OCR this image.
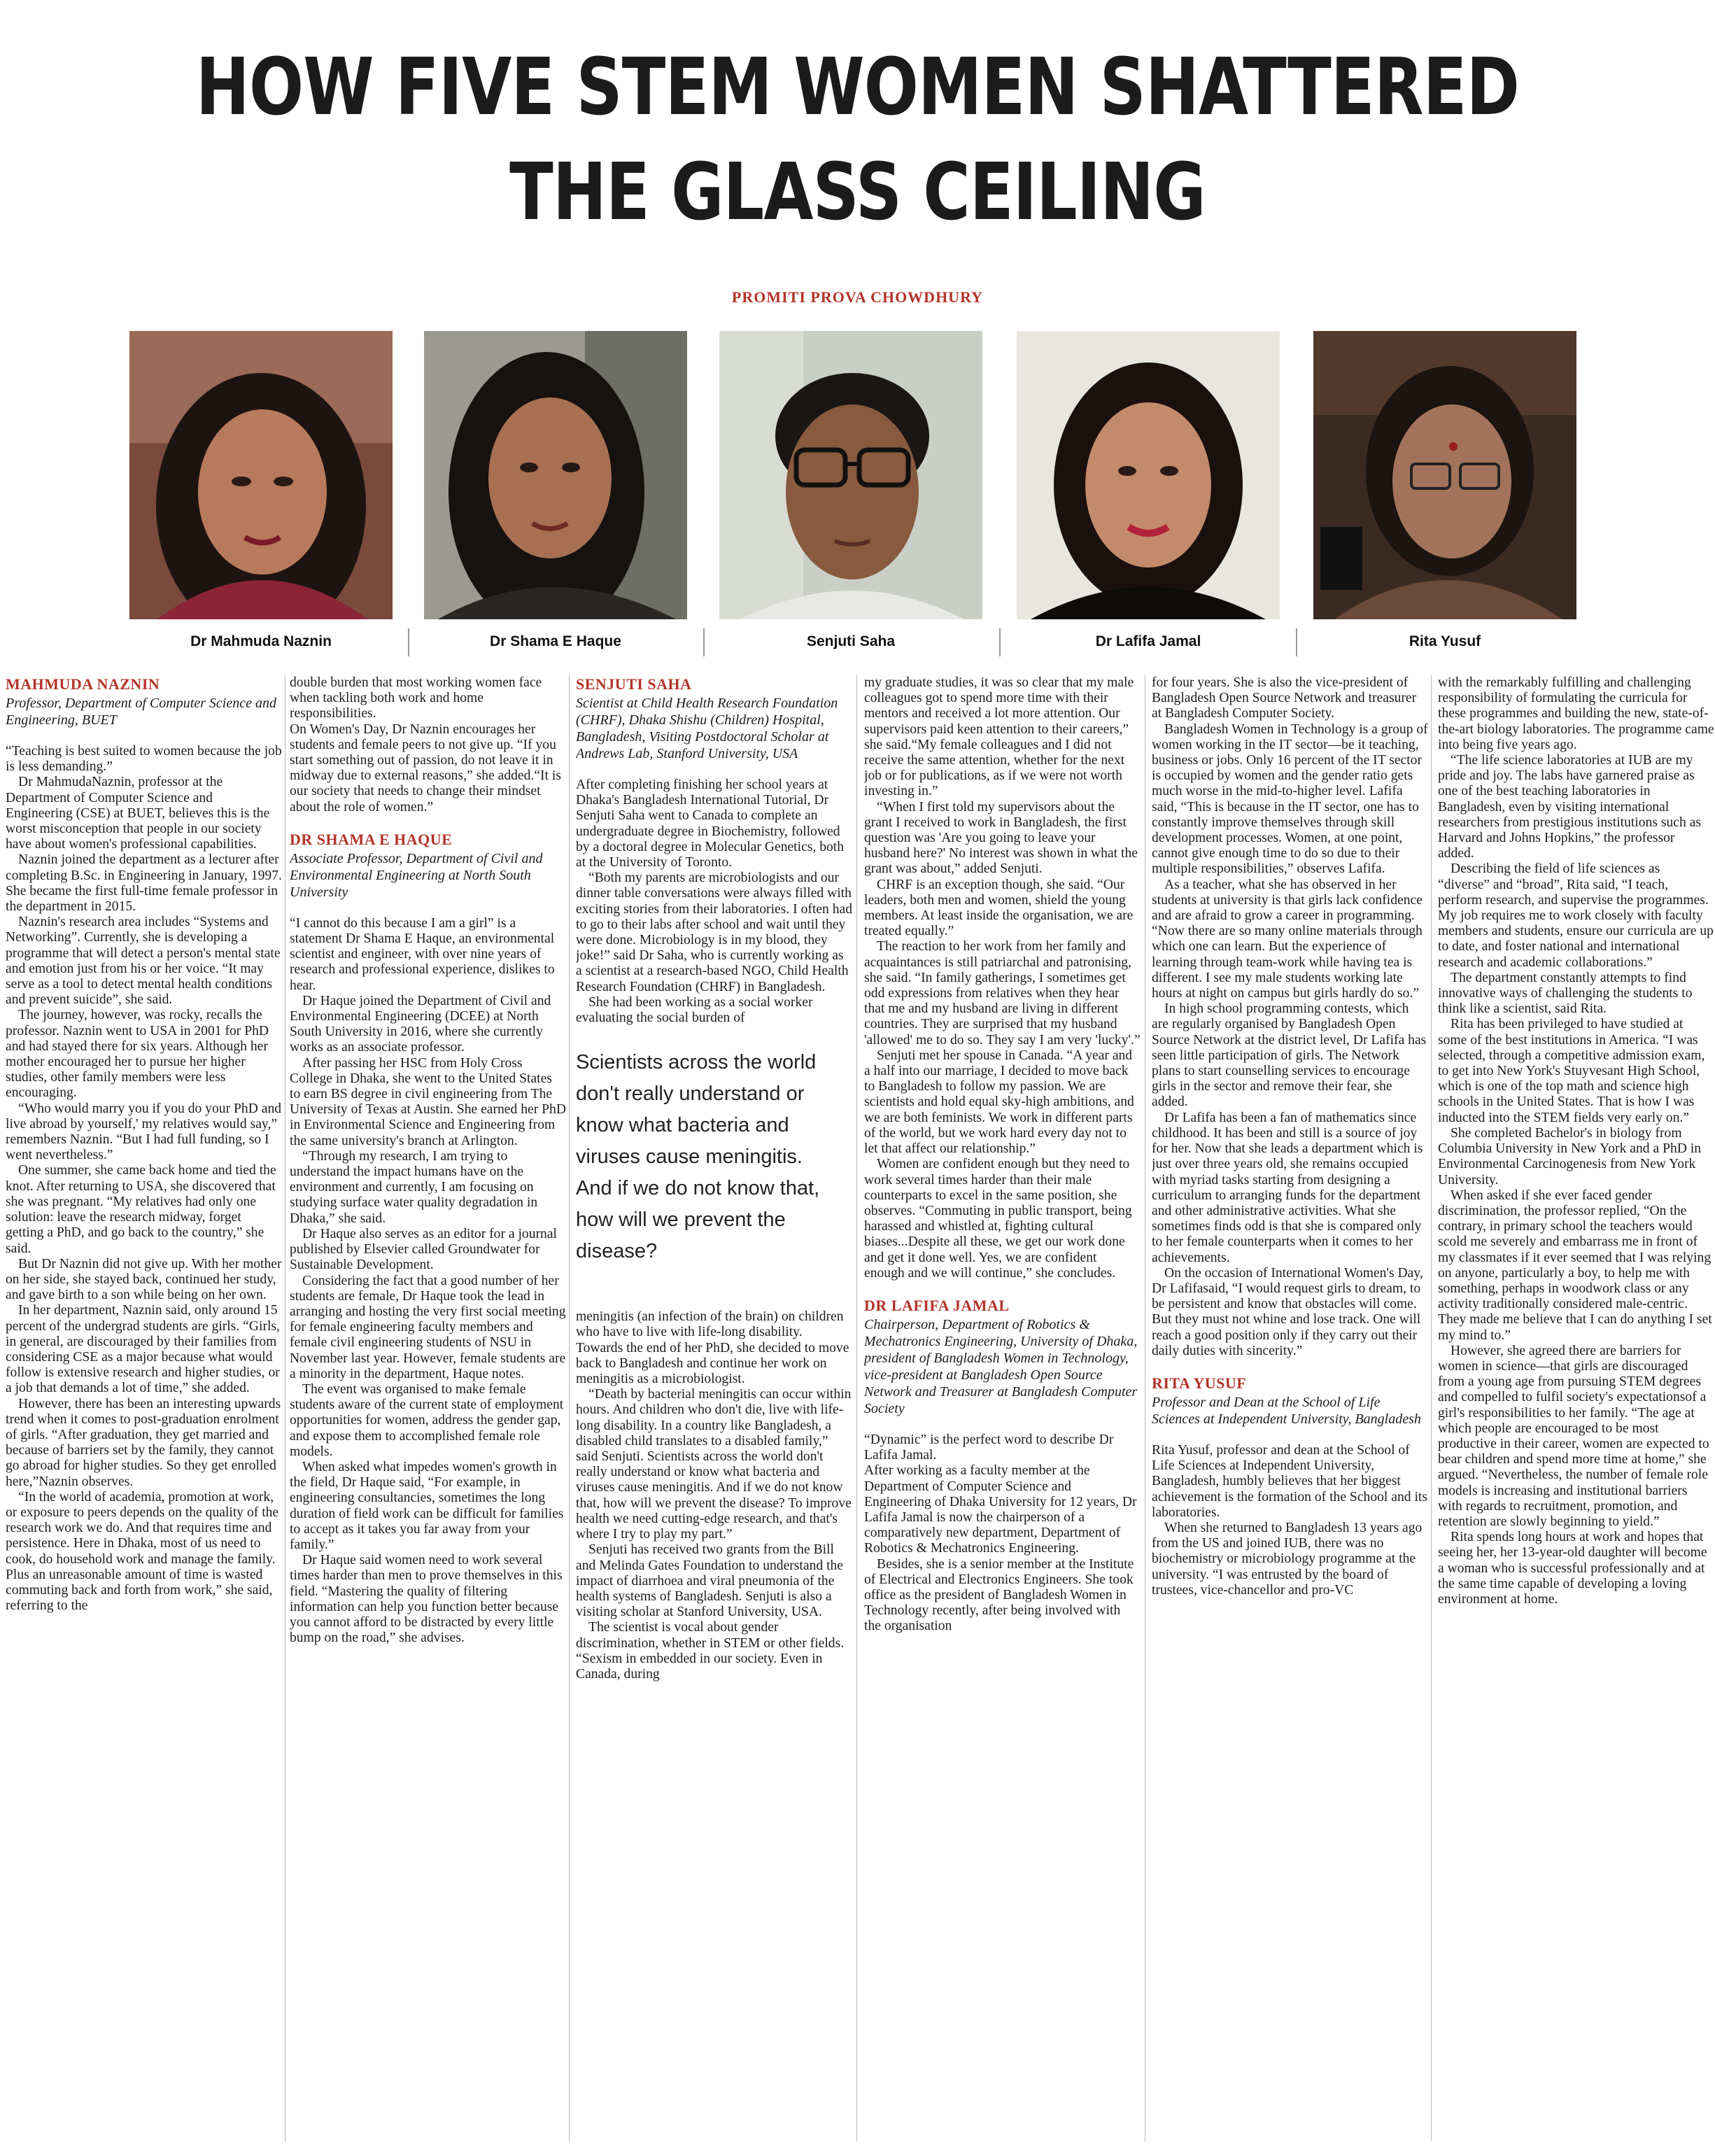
HOW FIVE STEM WOMEN SHATTERED
THE GLASS CEILING
PROMITI PROVA CHOWDHURY
Dr Mahmuda Naznin	Dr Shama E Haque	Senjuti Saha	Dr Lafifa Jamal	Rita Yusuf
MAHMUDA NAZNIN
Professor, Department of Computer Science and Engineering, BUET

“Teaching is best suited to women because the job is less demanding.”

Dr MahmudaNaznin, professor at the Department of Computer Science and Engineering (CSE) at BUET, believes this is the worst misconception that people in our society have about women's professional capabilities.

Naznin joined the department as a lecturer after completing B.Sc. in Engineering in January, 1997. She became the first full-time female professor in the department in 2015.

Naznin's research area includes “Systems and Networking”. Currently, she is developing a programme that will detect a person's mental state and emotion just from his or her voice. “It may serve as a tool to detect mental health conditions and prevent suicide”, she said.

The journey, however, was rocky, recalls the professor. Naznin went to USA in 2001 for PhD and had stayed there for six years. Although her mother encouraged her to pursue her higher studies, other family members were less encouraging.

“Who would marry you if you do your PhD and live abroad by yourself,' my relatives would say,” remembers Naznin. “But I had full funding, so I went nevertheless.”

One summer, she came back home and tied the knot. After returning to USA, she discovered that she was pregnant. “My relatives had only one solution: leave the research midway, forget getting a PhD, and go back to the country,” she said.

But Dr Naznin did not give up. With her mother on her side, she stayed back, continued her study, and gave birth to a son while being on her own.

In her department, Naznin said, only around 15 percent of the undergrad students are girls. “Girls, in general, are discouraged by their families from considering CSE as a major because what would follow is extensive research and higher studies, or a job that demands a lot of time,” she added.

However, there has been an interesting upwards trend when it comes to post-graduation enrolment of girls. “After graduation, they get married and because of barriers set by the family, they cannot go abroad for higher studies. So they get enrolled here,”Naznin observes.

“In the world of academia, promotion at work, or exposure to peers depends on the quality of the research work we do. And that requires time and persistence. Here in Dhaka, most of us need to cook, do household work and manage the family. Plus an unreasonable amount of time is wasted commuting back and forth from work,” she said, referring to the

double burden that most working women face when tackling both work and home responsibilities.

On Women's Day, Dr Naznin encourages her students and female peers to not give up. “If you start something out of passion, do not leave it in midway due to external reasons,” she added.“It is our society that needs to change their mindset about the role of women.”

DR SHAMA E HAQUE
Associate Professor, Department of Civil and Environmental Engineering at North South University

“I cannot do this because I am a girl” is a statement Dr Shama E Haque, an environmental scientist and engineer, with over nine years of research and professional experience, dislikes to hear.

Dr Haque joined the Department of Civil and Environmental Engineering (DCEE) at North South University in 2016, where she currently works as an associate professor.

After passing her HSC from Holy Cross College in Dhaka, she went to the United States to earn BS degree in civil engineering from The University of Texas at Austin. She earned her PhD in Environmental Science and Engineering from the same university's branch at Arlington.

“Through my research, I am trying to understand the impact humans have on the environment and currently, I am focusing on studying surface water quality degradation in Dhaka,” she said.

Dr Haque also serves as an editor for a journal published by Elsevier called Groundwater for Sustainable Development.

Considering the fact that a good number of her students are female, Dr Haque took the lead in arranging and hosting the very first social meeting for female engineering faculty members and female civil engineering students of NSU in November last year. However, female students are a minority in the department, Haque notes.

The event was organised to make female students aware of the current state of employment opportunities for women, address the gender gap, and expose them to accomplished female role models.

When asked what impedes women's growth in the field, Dr Haque said, “For example, in engineering consultancies, sometimes the long duration of field work can be difficult for families to accept as it takes you far away from your family.”

Dr Haque said women need to work several times harder than men to prove themselves in this field. “Mastering the quality of filtering information can help you function better because you cannot afford to be distracted by every little bump on the road,” she advises.

SENJUTI SAHA
Scientist at Child Health Research Foundation (CHRF), Dhaka Shishu (Children) Hospital, Bangladesh, Visiting Postdoctoral Scholar at Andrews Lab, Stanford University, USA

After completing finishing her school years at Dhaka's Bangladesh International Tutorial, Dr Senjuti Saha went to Canada to complete an undergraduate degree in Biochemistry, followed by a doctoral degree in Molecular Genetics, both at the University of Toronto.

“Both my parents are microbiologists and our dinner table conversations were always filled with exciting stories from their laboratories. I often had to go to their labs after school and wait until they were done. Microbiology is in my blood, they joke!” said Dr Saha, who is currently working as a scientist at a research-based NGO, Child Health Research Foundation (CHRF) in Bangladesh.

She had been working as a social worker evaluating the social burden of

Scientists across the world don't really understand or know what bacteria and viruses cause meningitis. And if we do not know that, how will we prevent the disease?

meningitis (an infection of the brain) on children who have to live with life-long disability. Towards the end of her PhD, she decided to move back to Bangladesh and continue her work on meningitis as a microbiologist.

“Death by bacterial meningitis can occur within hours. And children who don't die, live with life-long disability. In a country like Bangladesh, a disabled child translates to a disabled family,” said Senjuti. Scientists across the world don't really understand or know what bacteria and viruses cause meningitis. And if we do not know that, how will we prevent the disease? To improve health we need cutting-edge research, and that's where I try to play my part.”

Senjuti has received two grants from the Bill and Melinda Gates Foundation to understand the impact of diarrhoea and viral pneumonia of the health systems of Bangladesh. Senjuti is also a visiting scholar at Stanford University, USA.

The scientist is vocal about gender discrimination, whether in STEM or other fields. “Sexism in embedded in our society. Even in Canada, during

my graduate studies, it was so clear that my male colleagues got to spend more time with their mentors and received a lot more attention. Our supervisors paid keen attention to their careers,” she said.“My female colleagues and I did not receive the same attention, whether for the next job or for publications, as if we were not worth investing in.”

“When I first told my supervisors about the grant I received to work in Bangladesh, the first question was 'Are you going to leave your husband here?' No interest was shown in what the grant was about,” added Senjuti.

CHRF is an exception though, she said. “Our leaders, both men and women, shield the young members. At least inside the organisation, we are treated equally.”

The reaction to her work from her family and acquaintances is still patriarchal and patronising, she said. “In family gatherings, I sometimes get odd expressions from relatives when they hear that me and my husband are living in different countries. They are surprised that my husband 'allowed' me to do so. They say I am very 'lucky'.”

Senjuti met her spouse in Canada. “A year and a half into our marriage, I decided to move back to Bangladesh to follow my passion. We are scientists and hold equal sky-high ambitions, and we are both feminists. We work in different parts of the world, but we work hard every day not to let that affect our relationship.”

Women are confident enough but they need to work several times harder than their male counterparts to excel in the same position, she observes. “Commuting in public transport, being harassed and whistled at, fighting cultural biases...Despite all these, we get our work done and get it done well. Yes, we are confident enough and we will continue,” she concludes.

DR LAFIFA JAMAL
Chairperson, Department of Robotics & Mechatronics Engineering, University of Dhaka, president of Bangladesh Women in Technology, vice-president at Bangladesh Open Source Network and Treasurer at Bangladesh Computer Society

“Dynamic” is the perfect word to describe Dr Lafifa Jamal.

After working as a faculty member at the Department of Computer Science and Engineering of Dhaka University for 12 years, Dr Lafifa Jamal is now the chairperson of a comparatively new department, Department of Robotics & Mechatronics Engineering.

Besides, she is a senior member at the Institute of Electrical and Electronics Engineers. She took office as the president of Bangladesh Women in Technology recently, after being involved with the organisation

for four years. She is also the vice-president of Bangladesh Open Source Network and treasurer at Bangladesh Computer Society.

Bangladesh Women in Technology is a group of women working in the IT sector—be it teaching, business or jobs. Only 16 percent of the IT sector is occupied by women and the gender ratio gets much worse in the mid-to-higher level. Lafifa said, “This is because in the IT sector, one has to constantly improve themselves through skill development processes. Women, at one point, cannot give enough time to do so due to their multiple responsibilities,” observes Lafifa.

As a teacher, what she has observed in her students at university is that girls lack confidence and are afraid to grow a career in programming. “Now there are so many online materials through which one can learn. But the experience of learning through team-work while having tea is different. I see my male students working late hours at night on campus but girls hardly do so.”

In high school programming contests, which are regularly organised by Bangladesh Open Source Network at the district level, Dr Lafifa has seen little participation of girls. The Network plans to start counselling services to encourage girls in the sector and remove their fear, she added.

Dr Lafifa has been a fan of mathematics since childhood. It has been and still is a source of joy for her. Now that she leads a department which is just over three years old, she remains occupied with myriad tasks starting from designing a curriculum to arranging funds for the department and other administrative activities. What she sometimes finds odd is that she is compared only to her female counterparts when it comes to her achievements.

On the occasion of International Women's Day, Dr Lafifasaid, “I would request girls to dream, to be persistent and know that obstacles will come. But they must not whine and lose track. One will reach a good position only if they carry out their daily duties with sincerity.”

RITA YUSUF
Professor and Dean at the School of Life Sciences at Independent University, Bangladesh

Rita Yusuf, professor and dean at the School of Life Sciences at Independent University, Bangladesh, humbly believes that her biggest achievement is the formation of the School and its laboratories.

When she returned to Bangladesh 13 years ago from the US and joined IUB, there was no biochemistry or microbiology programme at the university. “I was entrusted by the board of trustees, vice-chancellor and pro-VC

with the remarkably fulfilling and challenging responsibility of formulating the curricula for these programmes and building the new, state-of-the-art biology laboratories. The programme came into being five years ago.

“The life science laboratories at IUB are my pride and joy. The labs have garnered praise as one of the best teaching laboratories in Bangladesh, even by visiting international researchers from prestigious institutions such as Harvard and Johns Hopkins,” the professor added.

Describing the field of life sciences as “diverse” and “broad”, Rita said, “I teach, perform research, and supervise the programmes. My job requires me to work closely with faculty members and students, ensure our curricula are up to date, and foster national and international research and academic collaborations.”

The department constantly attempts to find innovative ways of challenging the students to think like a scientist, said Rita.

Rita has been privileged to have studied at some of the best institutions in America. “I was selected, through a competitive admission exam, to get into New York's Stuyvesant High School, which is one of the top math and science high schools in the United States. That is how I was inducted into the STEM fields very early on.”

She completed Bachelor's in biology from Columbia University in New York and a PhD in Environmental Carcinogenesis from New York University.

When asked if she ever faced gender discrimination, the professor replied, “On the contrary, in primary school the teachers would scold me severely and embarrass me in front of my classmates if it ever seemed that I was relying on anyone, particularly a boy, to help me with something, perhaps in woodwork class or any activity traditionally considered male-centric. They made me believe that I can do anything I set my mind to.”

However, she agreed there are barriers for women in science—that girls are discouraged from a young age from pursuing STEM degrees and compelled to fulfil society's expectationsof a girl's responsibilities to her family. “The age at which people are encouraged to be most productive in their career, women are expected to bear children and spend more time at home,” she argued. “Nevertheless, the number of female role models is increasing and institutional barriers with regards to recruitment, promotion, and retention are slowly beginning to yield.”

Rita spends long hours at work and hopes that seeing her, her 13-year-old daughter will become a woman who is successful professionally and at the same time capable of developing a loving environment at home.
